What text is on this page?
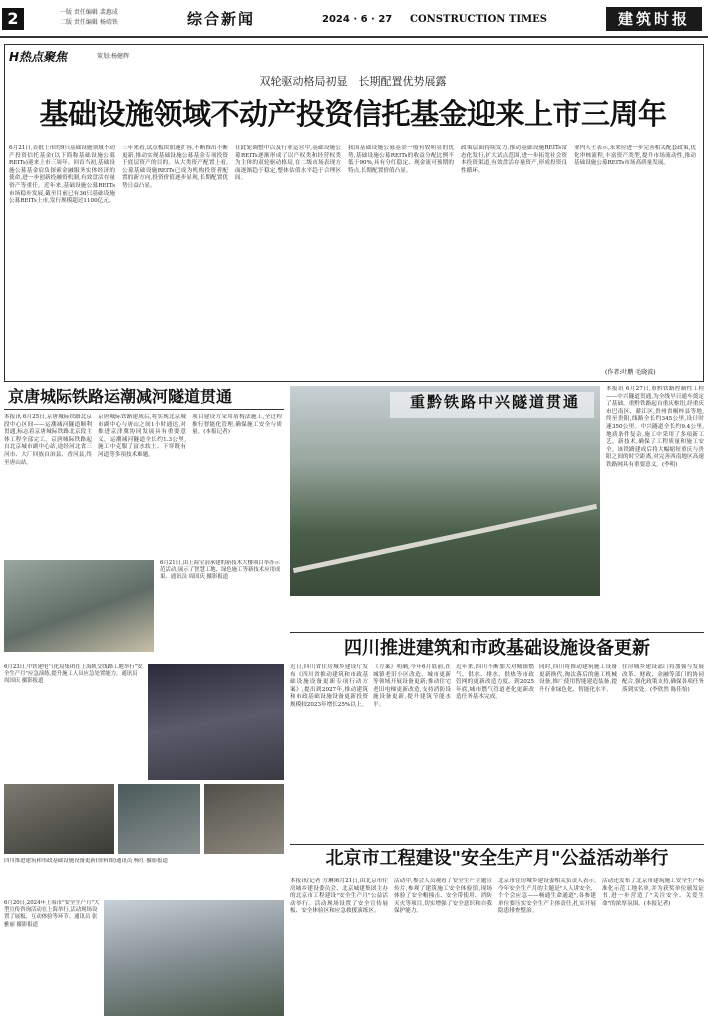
2	一版 责任编辑 裴惠成
二版 责任编辑 杨靖铁	综合新闻	2024 · 6 · 27 CONSTRUCTION TIMES	建筑时报
H热点聚焦	策划:杨健辉
双轮驱动格局初显　长期配置优势展露
基础设施领域不动产投资信托基金迎来上市三周年
6月21日,首批上市的9只基础设施领域不动产投资信托基金(以下简称基础设施公募REITs)迎来上市三周年。回首当初,基础设施公募基金肩负探索金融服务实体经济的使命,进一步创新投融资机制,有效盘活存量资产等重任。近年来,基础设施公募REITs市场稳步发展,截至目前已有36只基础设施公募REITs上市,发行规模超过1100亿元。
三年来看,试点板块加速扩容,不断推出不断更新,推动实现基础设施公募基金专项投资于底层资产的目的。从大类资产配置上看,公募基础设施REITs已成为机构投资者配置的新方向,投资价值逐步显现,长期配置优势日益凸显。
在此轮调整中以及行业运营中,基础设施公募REITs逐渐形成了以产权类和经营权类为主体的双轮驱动格局,在二级市场表现方面逐渐趋于稳定,整体估值水平趋于合理区间。
我国基础设施公募基金一般有较明显的优势,基础设施公募REITs的收益分配比例不低于90%,具有分红稳定、现金流可预期的特点,长期配置价值凸显。
政策层面持续发力,推动基础设施REITs常态化发行,扩大试点范围,进一步拓宽社会资本投资渠道,有效盘活存量资产,形成投资良性循环。
业内人士表示,未来应进一步完善相关配套政策,优化审核流程,丰富资产类型,提升市场流动性,推动基础设施公募REITs市场高质量发展。
(作者:叶鹏 毛晓波)
京唐城际铁路运潮减河隧道贯通
本报讯 6月25日,京唐城际铁路北京段中心区间——运潮减河隧道顺利贯通,标志着京唐城际铁路北京段主体工程全部完工。京唐城际铁路起自北京城市副中心站,途经河北省三河市、大厂回族自治县、香河县,终至唐山站。
京唐城际铁路建成后,将实现北京城市副中心与唐山之间1小时通达,对推进京津冀协同发展具有重要意义。运潮减河隧道全长约1.3公里,施工中克服了富水软土、下穿既有河道等多项技术难题。
项目建设方采用盾构法施工,全过程推行智能化管理,确保施工安全与质量。(本报记者)
6月21日,由上海宝冶承建的新技术大楼项目举办示范活动,展示了智慧工地、绿色施工等新技术应用成果。通讯员 周国庆 摄影报道
6月23日,中铁建电气化局集团在上海轨交线路工地举行"安全生产月"应急演练,提升施工人员应急处置能力。通讯员 周国庆 摄影报道
四川推进建筑和市政基础设施设备更新(资料图)通讯员 杨红 摄影报道
6月20日,2024年上海市"安全生产月"大型宣传咨询活动在上海举行,活动现场设置了展板、互动体验等环节。通讯员 张雅丽 摄影报道
重黔铁路中兴隧道贯通
本报讯 6月27日,重黔铁路控制性工程——中兴隧道贯通,为全线早日通车奠定了基础。重黔铁路起自重庆枢纽,经重庆市巴南区、綦江区,贵州省桐梓县等地,终至贵阳,线路全长约345公里,设计时速350公里。中兴隧道全长约9.4公里,地质条件复杂,施工中采用了多项新工艺、新技术,确保了工程质量和施工安全。该铁路建成后将大幅缩短重庆与贵阳之间的时空距离,对完善西南地区高速铁路网具有重要意义。(李明)
四川推进建筑和市政基础设施设备更新
近日,四川省住房城乡建设厅发布《四川省推动建筑和市政基础设施设备更新专项行动方案》,提出到2027年,推动建筑和市政基础设施设备更新投资规模较2023年增长25%以上。
《方案》明确,今年6月底前,在城镇老旧小区改造、城市更新等领域开展设备更新;推动住宅老旧电梯更新改造,支持消防设施设备更新,提升建筑节能水平。
近年来,四川不断加大对城镇燃气、供水、排水、供热等市政管网的更新改造力度。到2025年底,城市燃气管道老化更新改造任务基本完成。
同时,四川将推动建筑施工设备更新换代,淘汰落后的施工机械设备,推广使用智能建造装备,提升行业绿色化、智能化水平。
住房城乡建设部门将加强与发展改革、财政、金融等部门的协同配合,强化政策支持,确保各项任务落到实处。(李欣然 陈佳怡)
北京市工程建设"安全生产月"公益活动举行
本报讯(记者 方琳)6月21日,由北京市住房城乡建设委员会、北京城建集团主办的北京市工程建设"安全生产月"公益活动举行。活动现场设置了安全宣传展板、安全体验区和应急救援演练区。
活动中,参会人员观看了安全生产主题宣传片,参观了建筑施工安全体验馆,现场体验了安全帽撞击、安全带使用、消防灭火等项目,切实增强了安全意识和自我保护能力。
北京市住房城乡建设委相关负责人表示,今年安全生产月的主题是"人人讲安全、个个会应急——畅通生命通道",各参建单位要压实安全生产主体责任,扎实开展隐患排查整治。
活动还发布了北京市建筑施工安全生产标准化示范工地名单,并为获奖单位颁发证书,进一步营造了"关注安全、关爱生命"的浓厚氛围。(本报记者)
